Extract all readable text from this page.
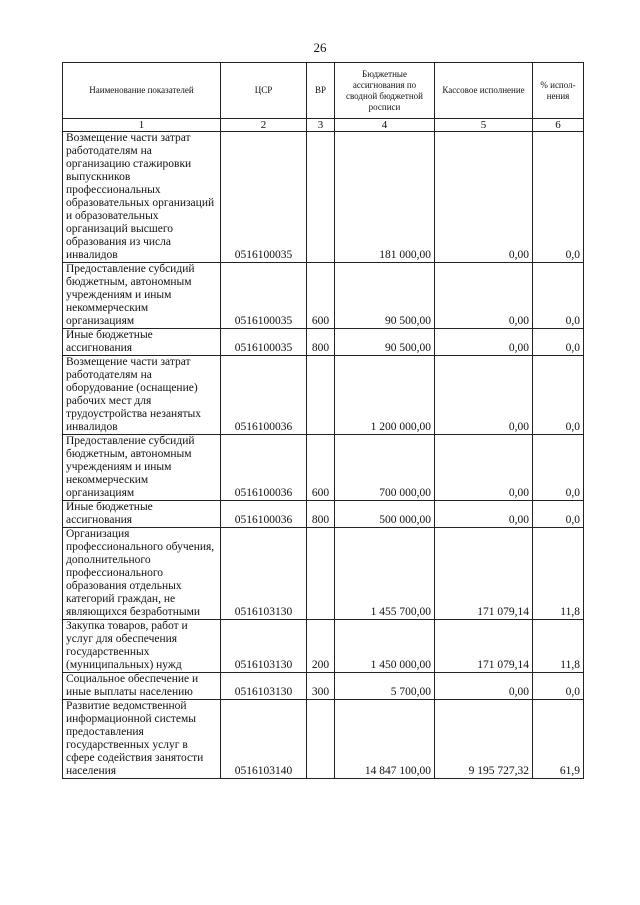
26
Наименование показателей	ЦСР	ВР	Бюджетные ассигнования по сводной бюджетной росписи	Кассовое исполнение	% испол-нения
1	2	3	4	5	6
Возмещение части затрат работодателям на организацию стажировки выпускников профессиональных образовательных организаций и образовательных организаций высшего образования из числа инвалидов	0516100035		181 000,00	0,00	0,0
Предоставление субсидий бюджетным, автономным учреждениям и иным некоммерческим организациям	0516100035	600	90 500,00	0,00	0,0
Иные бюджетные ассигнования	0516100035	800	90 500,00	0,00	0,0
Возмещение части затрат работодателям на оборудование (оснащение) рабочих мест для трудоустройства незанятых инвалидов	0516100036		1 200 000,00	0,00	0,0
Предоставление субсидий бюджетным, автономным учреждениям и иным некоммерческим организациям	0516100036	600	700 000,00	0,00	0,0
Иные бюджетные ассигнования	0516100036	800	500 000,00	0,00	0,0
Организация профессионального обучения, дополнительного профессионального образования отдельных категорий граждан, не являющихся безработными	0516103130		1 455 700,00	171 079,14	11,8
Закупка товаров, работ и услуг для обеспечения государственных (муниципальных) нужд	0516103130	200	1 450 000,00	171 079,14	11,8
Социальное обеспечение и иные выплаты населению	0516103130	300	5 700,00	0,00	0,0
Развитие ведомственной информационной системы предоставления государственных услуг в сфере содействия занятости населения	0516103140		14 847 100,00	9 195 727,32	61,9
